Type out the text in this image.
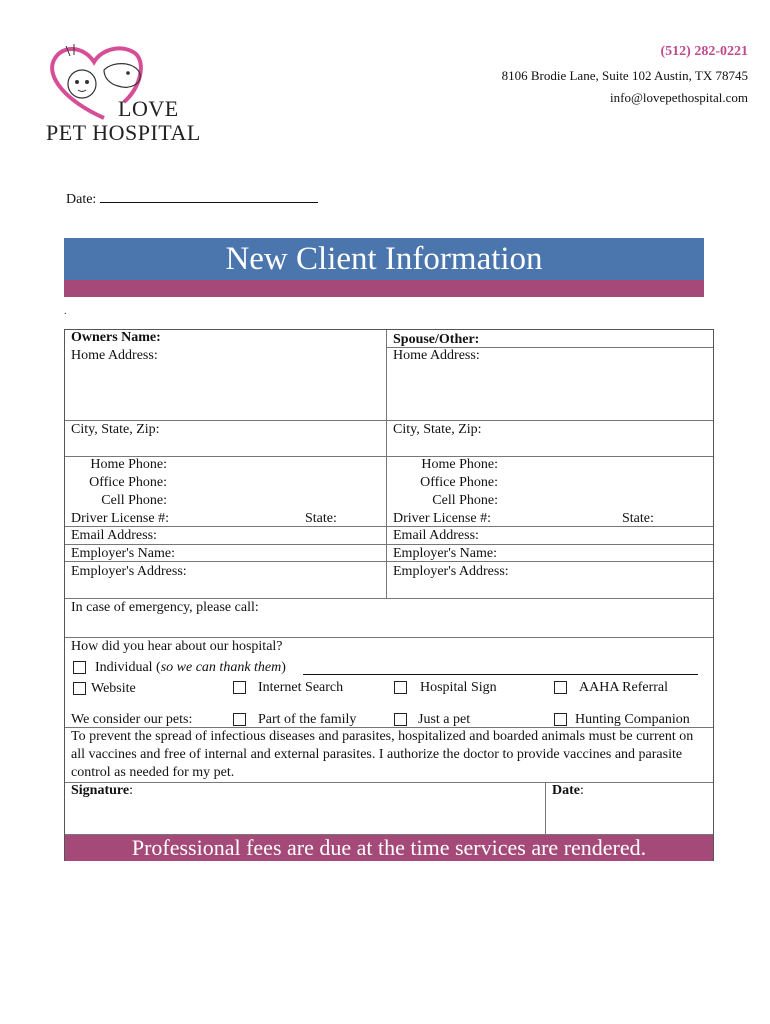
LOVE
PET HOSPITAL
(512) 282-0221
8106 Brodie Lane, Suite 102 Austin, TX 78745
info@lovepethospital.com
Date:
New Client Information
.
Owners Name:
Home Address:
City, State, Zip:
Home Phone:
Office Phone:
Cell Phone:
Driver License #:	State:
Email Address:
Employer's Name:
Employer's Address:
Spouse/Other:
Home Address:
City, State, Zip:
Home Phone:
Office Phone:
Cell Phone:
Driver License #:	State:
Email Address:
Employer's Name:
Employer's Address:
In case of emergency, please call:
How did you hear about our hospital?
Individual (so we can thank them)
Website	Internet Search	Hospital Sign	AAHA Referral
We consider our pets:	Part of the family	Just a pet	Hunting Companion
To prevent the spread of infectious diseases and parasites, hospitalized and boarded animals must be current on all vaccines and free of internal and external parasites. I authorize the doctor to provide vaccines and parasite control as needed for my pet.
Signature:	Date:
Professional fees are due at the time services are rendered.
